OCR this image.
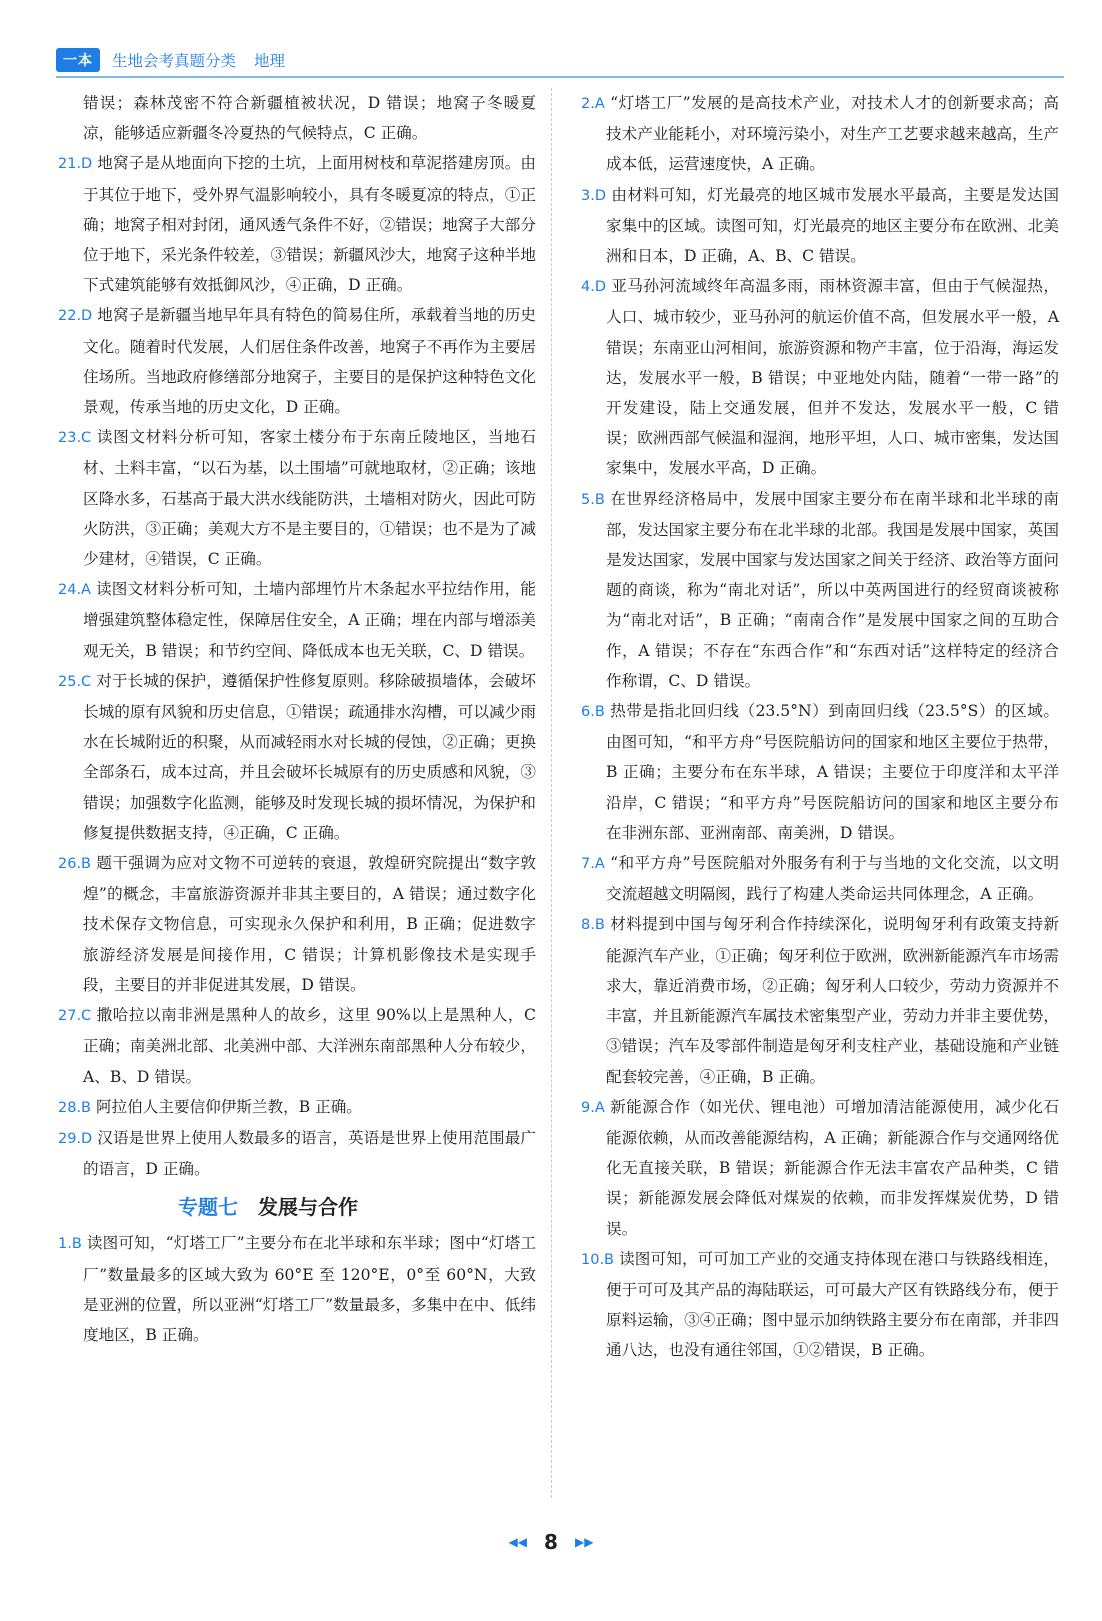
一本	生地会考真题分类 地理

错误；森林茂密不符合新疆植被状况，D 错误；地窝子冬暖夏凉，能够适应新疆冬冷夏热的气候特点，C 正确。

21.D 地窝子是从地面向下挖的土坑，上面用树枝和草泥搭建房顶。由于其位于地下，受外界气温影响较小，具有冬暖夏凉的特点，①正确；地窝子相对封闭，通风透气条件不好，②错误；地窝子大部分位于地下，采光条件较差，③错误；新疆风沙大，地窝子这种半地下式建筑能够有效抵御风沙，④正确，D 正确。

22.D 地窝子是新疆当地早年具有特色的简易住所，承载着当地的历史文化。随着时代发展，人们居住条件改善，地窝子不再作为主要居住场所。当地政府修缮部分地窝子，主要目的是保护这种特色文化景观，传承当地的历史文化，D 正确。

23.C 读图文材料分析可知，客家土楼分布于东南丘陵地区，当地石材、土料丰富，“以石为基，以土围墙”可就地取材，②正确；该地区降水多，石基高于最大洪水线能防洪，土墙相对防火，因此可防火防洪，③正确；美观大方不是主要目的，①错误；也不是为了减少建材，④错误，C 正确。

24.A 读图文材料分析可知，土墙内部埋竹片木条起水平拉结作用，能增强建筑整体稳定性，保障居住安全，A 正确；埋在内部与增添美观无关，B 错误；和节约空间、降低成本也无关联，C、D 错误。

25.C 对于长城的保护，遵循保护性修复原则。移除破损墙体，会破坏长城的原有风貌和历史信息，①错误；疏通排水沟槽，可以减少雨水在长城附近的积聚，从而减轻雨水对长城的侵蚀，②正确；更换全部条石，成本过高，并且会破坏长城原有的历史质感和风貌，③错误；加强数字化监测，能够及时发现长城的损坏情况，为保护和修复提供数据支持，④正确，C 正确。

26.B 题干强调为应对文物不可逆转的衰退，敦煌研究院提出“数字敦煌”的概念，丰富旅游资源并非其主要目的，A 错误；通过数字化技术保存文物信息，可实现永久保护和利用，B 正确；促进数字旅游经济发展是间接作用，C 错误；计算机影像技术是实现手段，主要目的并非促进其发展，D 错误。

27.C 撒哈拉以南非洲是黑种人的故乡，这里 90%以上是黑种人，C 正确；南美洲北部、北美洲中部、大洋洲东南部黑种人分布较少，A、B、D 错误。

28.B 阿拉伯人主要信仰伊斯兰教，B 正确。

29.D 汉语是世界上使用人数最多的语言，英语是世界上使用范围最广的语言，D 正确。

专题七 发展与合作

1.B 读图可知，“灯塔工厂”主要分布在北半球和东半球；图中“灯塔工厂”数量最多的区域大致为 60°E 至 120°E，0°至 60°N，大致是亚洲的位置，所以亚洲“灯塔工厂”数量最多，多集中在中、低纬度地区，B 正确。

2.A “灯塔工厂”发展的是高技术产业，对技术人才的创新要求高；高技术产业能耗小，对环境污染小，对生产工艺要求越来越高，生产成本低，运营速度快，A 正确。

3.D 由材料可知，灯光最亮的地区城市发展水平最高，主要是发达国家集中的区域。读图可知，灯光最亮的地区主要分布在欧洲、北美洲和日本，D 正确，A、B、C 错误。

4.D 亚马孙河流域终年高温多雨，雨林资源丰富，但由于气候湿热，人口、城市较少，亚马孙河的航运价值不高，但发展水平一般，A 错误；东南亚山河相间，旅游资源和物产丰富，位于沿海，海运发达，发展水平一般，B 错误；中亚地处内陆，随着“一带一路”的开发建设，陆上交通发展，但并不发达，发展水平一般，C 错误；欧洲西部气候温和湿润，地形平坦，人口、城市密集，发达国家集中，发展水平高，D 正确。

5.B 在世界经济格局中，发展中国家主要分布在南半球和北半球的南部，发达国家主要分布在北半球的北部。我国是发展中国家，英国是发达国家，发展中国家与发达国家之间关于经济、政治等方面问题的商谈，称为“南北对话”，所以中英两国进行的经贸商谈被称为“南北对话”，B 正确；“南南合作”是发展中国家之间的互助合作，A 错误；不存在“东西合作”和“东西对话”这样特定的经济合作称谓，C、D 错误。

6.B 热带是指北回归线（23.5°N）到南回归线（23.5°S）的区域。由图可知，“和平方舟”号医院船访问的国家和地区主要位于热带，B 正确；主要分布在东半球，A 错误；主要位于印度洋和太平洋沿岸，C 错误；“和平方舟”号医院船访问的国家和地区主要分布在非洲东部、亚洲南部、南美洲，D 错误。

7.A “和平方舟”号医院船对外服务有利于与当地的文化交流，以文明交流超越文明隔阂，践行了构建人类命运共同体理念，A 正确。

8.B 材料提到中国与匈牙利合作持续深化，说明匈牙利有政策支持新能源汽车产业，①正确；匈牙利位于欧洲，欧洲新能源汽车市场需求大，靠近消费市场，②正确；匈牙利人口较少，劳动力资源并不丰富，并且新能源汽车属技术密集型产业，劳动力并非主要优势，③错误；汽车及零部件制造是匈牙利支柱产业，基础设施和产业链配套较完善，④正确，B 正确。

9.A 新能源合作（如光伏、锂电池）可增加清洁能源使用，减少化石能源依赖，从而改善能源结构，A 正确；新能源合作与交通网络优化无直接关联，B 错误；新能源合作无法丰富农产品种类，C 错误；新能源发展会降低对煤炭的依赖，而非发挥煤炭优势，D 错误。

10.B 读图可知，可可加工产业的交通支持体现在港口与铁路线相连，便于可可及其产品的海陆联运，可可最大产区有铁路线分布，便于原料运输，③④正确；图中显示加纳铁路主要分布在南部，并非四通八达，也没有通往邻国，①②错误，B 正确。

◀◀ 8 ▶▶
